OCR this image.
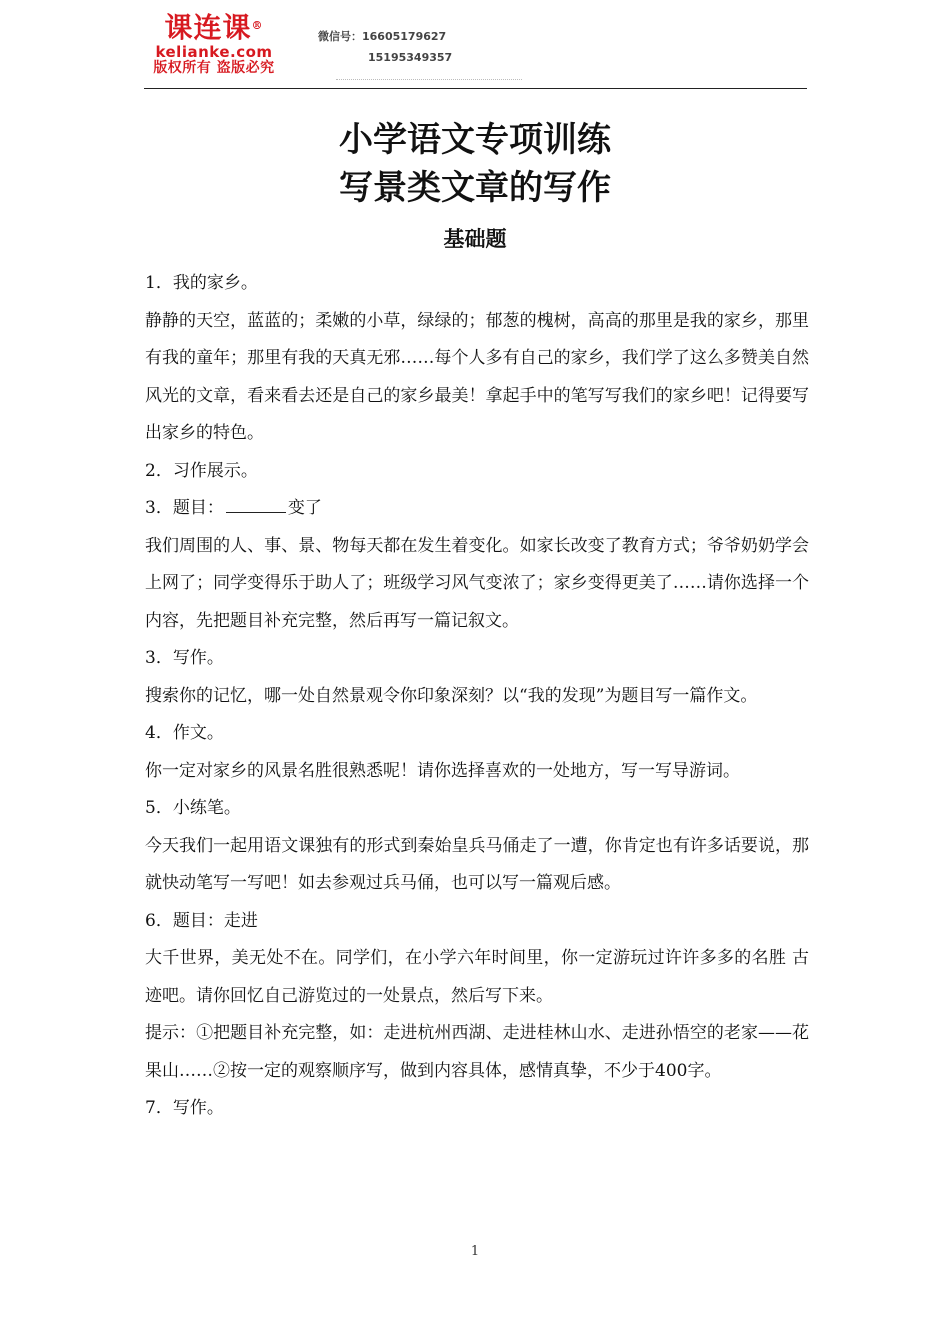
课连课®
kelianke.com
版权所有 盗版必究
微信号：16605179627
15195349357
小学语文专项训练
写景类文章的写作
基础题

1．我的家乡。

静静的天空，蓝蓝的；柔嫩的小草，绿绿的；郁葱的槐树，高高的那里是我的家乡，那里有我的童年；那里有我的天真无邪……每个人多有自己的家乡，我们学了这么多赞美自然风光的文章，看来看去还是自己的家乡最美！拿起手中的笔写写我们的家乡吧！记得要写出家乡的特色。

2．习作展示。

3．题目：	变了

我们周围的人、事、景、物每天都在发生着变化。如家长改变了教育方式；爷爷奶奶学会上网了；同学变得乐于助人了；班级学习风气变浓了；家乡变得更美了……请你选择一个内容，先把题目补充完整，然后再写一篇记叙文。

3．写作。

搜索你的记忆，哪一处自然景观令你印象深刻？以“我的发现”为题目写一篇作文。

4．作文。

你一定对家乡的风景名胜很熟悉呢！请你选择喜欢的一处地方，写一写导游词。

5．小练笔。

今天我们一起用语文课独有的形式到秦始皇兵马俑走了一遭，你肯定也有许多话要说，那就快动笔写一写吧！如去参观过兵马俑，也可以写一篇观后感。

6．题目：走进

大千世界，美无处不在。同学们，在小学六年时间里，你一定游玩过许许多多的名胜 古迹吧。请你回忆自己游览过的一处景点，然后写下来。

提示：①把题目补充完整，如：走进杭州西湖、走进桂林山水、走进孙悟空的老家——花果山……②按一定的观察顺序写，做到内容具体，感情真挚，不少于400字。

7．写作。

1
